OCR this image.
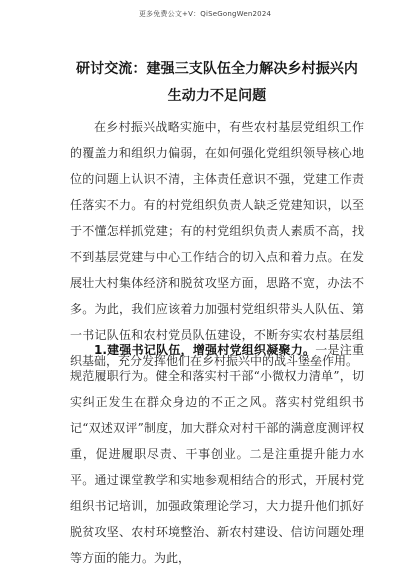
更多免费公文+V：QiSeGongWen2024
研讨交流：建强三支队伍全力解决乡村振兴内生动力不足问题

在乡村振兴战略实施中，有些农村基层党组织工作的覆盖力和组织力偏弱，在如何强化党组织领导核心地位的问题上认识不清，主体责任意识不强，党建工作责任落实不力。有的村党组织负责人缺乏党建知识，以至于不懂怎样抓党建；有的村党组织负责人素质不高，找不到基层党建与中心工作结合的切入点和着力点。在发展壮大村集体经济和脱贫攻坚方面，思路不宽，办法不多。为此，我们应该着力加强村党组织带头人队伍、第一书记队伍和农村党员队伍建设，不断夯实农村基层组织基础，充分发挥他们在乡村振兴中的战斗堡垒作用。

1.建强书记队伍，增强村党组织凝聚力。一是注重规范履职行为。健全和落实村干部“小微权力清单”，切实纠正发生在群众身边的不正之风。落实村党组织书记“双述双评”制度，加大群众对村干部的满意度测评权重，促进履职尽责、干事创业。二是注重提升能力水平。通过课堂教学和实地参观相结合的形式，开展村党组织书记培训，加强政策理论学习，大力提升他们抓好脱贫攻坚、农村环境整治、新农村建设、信访问题处理等方面的能力。为此，
